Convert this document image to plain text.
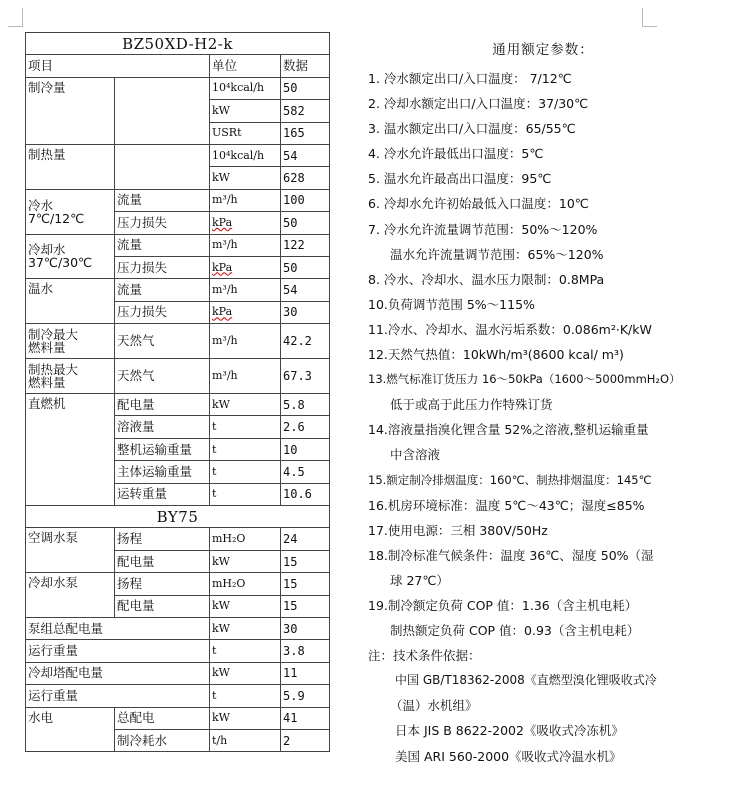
BZ50XD-H2-k			
项目		单位	数据
制冷量		10⁴kcal/h	50
		kW	582
		USRt	165
制热量		10⁴kcal/h	54
		kW	628
冷水
7℃/12℃	流量	m³/h	100
	压力损失	kPa	50
冷却水
37℃/30℃	流量	m³/h	122
	压力损失	kPa	50
温水	流量	m³/h	54
	压力损失	kPa	30
制冷最大
燃料量	天然气	m³/h	42.2
制热最大
燃料量	天然气	m³/h	67.3
直燃机	配电量	kW	5.8
	溶液量	t	2.6
	整机运输重量	t	10
	主体运输重量	t	4.5
	运转重量	t	10.6
BY75			
空调水泵	扬程	mH₂O	24
	配电量	kW	15
冷却水泵	扬程	mH₂O	15
	配电量	kW	15
泵组总配电量		kW	30
运行重量		t	3.8
冷却塔配电量		kW	11
运行重量		t	5.9
水电	总配电	kW	41
	制冷耗水	t/h	2
通用额定参数：
1. 冷水额定出口/入口温度： 7/12℃
2. 冷却水额定出口/入口温度：37/30℃
3. 温水额定出口/入口温度：65/55℃
4. 冷水允许最低出口温度：5℃
5. 温水允许最高出口温度：95℃
6. 冷却水允许初始最低入口温度：10℃
7. 冷水允许流量调节范围：50%～120%
温水允许流量调节范围：65%～120%
8. 冷水、冷却水、温水压力限制：0.8MPa
10.负荷调节范围 5%～115%
11.冷水、冷却水、温水污垢系数：0.086m²·K/kW
12.天然气热值：10kWh/m³(8600 kcal/ m³)
13.燃气标准订货压力 16～50kPa（1600～5000mmH₂O）
低于或高于此压力作特殊订货
14.溶液量指溴化锂含量 52%之溶液,整机运输重量
中含溶液
15.额定制冷排烟温度：160℃、制热排烟温度：145℃
16.机房环境标准：温度 5℃～43℃；湿度≤85%
17.使用电源：三相 380V/50Hz
18.制冷标准气候条件：温度 36℃、湿度 50%（湿
球 27℃）
19.制冷额定负荷 COP 值：1.36（含主机电耗）
制热额定负荷 COP 值：0.93（含主机电耗）
注：技术条件依据：
中国 GB/T18362-2008《直燃型溴化锂吸收式冷
（温）水机组》
日本 JIS B 8622-2002《吸收式冷冻机》
美国 ARI 560-2000《吸收式冷温水机》
